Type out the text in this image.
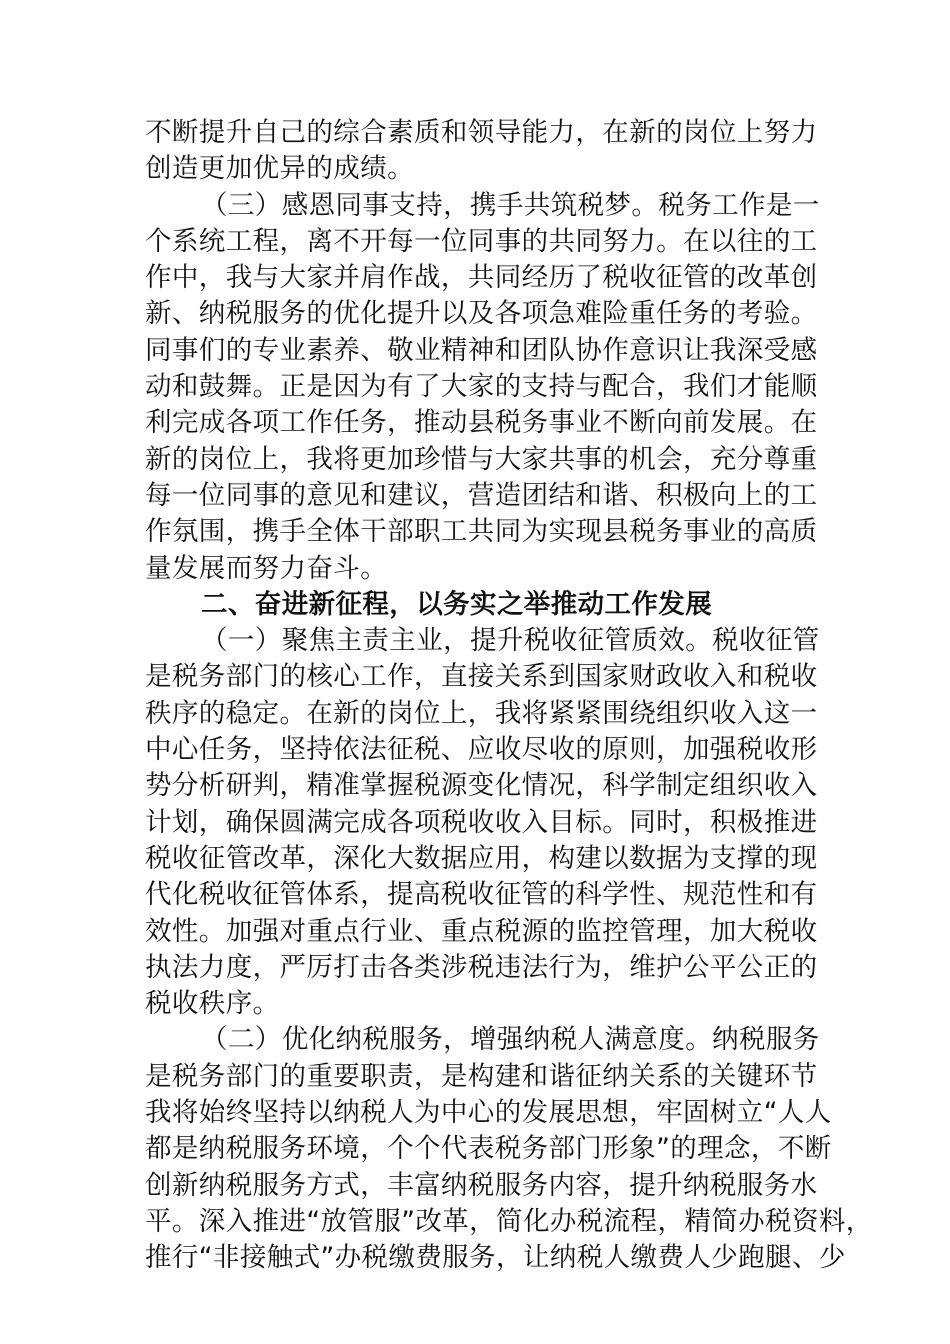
不断提升自己的综合素质和领导能力，在新的岗位上努力
创造更加优异的成绩。
（三）感恩同事支持，携手共筑税梦。税务工作是一
个系统工程，离不开每一位同事的共同努力。在以往的工
作中，我与大家并肩作战，共同经历了税收征管的改革创
新、纳税服务的优化提升以及各项急难险重任务的考验。
同事们的专业素养、敬业精神和团队协作意识让我深受感
动和鼓舞。正是因为有了大家的支持与配合，我们才能顺
利完成各项工作任务，推动县税务事业不断向前发展。在
新的岗位上，我将更加珍惜与大家共事的机会，充分尊重
每一位同事的意见和建议，营造团结和谐、积极向上的工
作氛围，携手全体干部职工共同为实现县税务事业的高质
量发展而努力奋斗。
二、奋进新征程，以务实之举推动工作发展
（一）聚焦主责主业，提升税收征管质效。税收征管
是税务部门的核心工作，直接关系到国家财政收入和税收
秩序的稳定。在新的岗位上，我将紧紧围绕组织收入这一
中心任务，坚持依法征税、应收尽收的原则，加强税收形
势分析研判，精准掌握税源变化情况，科学制定组织收入
计划，确保圆满完成各项税收收入目标。同时，积极推进
税收征管改革，深化大数据应用，构建以数据为支撑的现
代化税收征管体系，提高税收征管的科学性、规范性和有
效性。加强对重点行业、重点税源的监控管理，加大税收
执法力度，严厉打击各类涉税违法行为，维护公平公正的
税收秩序。
（二）优化纳税服务，增强纳税人满意度。纳税服务
是税务部门的重要职责，是构建和谐征纳关系的关键环节
我将始终坚持以纳税人为中心的发展思想，牢固树立“人人
都是纳税服务环境，个个代表税务部门形象”的理念，不断
创新纳税服务方式，丰富纳税服务内容，提升纳税服务水
平。深入推进“放管服”改革，简化办税流程，精简办税资料，
推行“非接触式”办税缴费服务，让纳税人缴费人少跑腿、少
